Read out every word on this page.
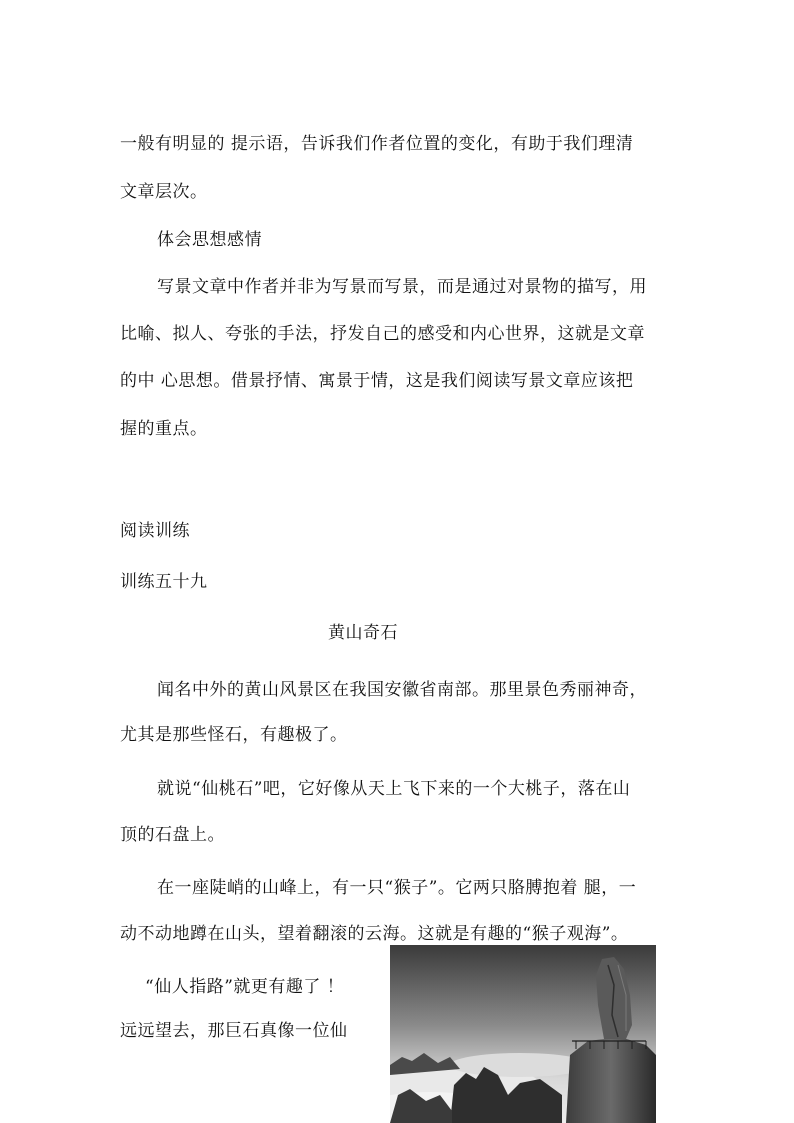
一般有明显的 提示语，告诉我们作者位置的变化，有助于我们理清
文章层次。
体会思想感情
写景文章中作者并非为写景而写景，而是通过对景物的描写，用
比喻、拟人、夸张的手法，抒发自己的感受和内心世界，这就是文章
的中 心思想。借景抒情、寓景于情，这是我们阅读写景文章应该把
握的重点。
阅读训练
训练五十九
黄山奇石
闻名中外的黄山风景区在我国安徽省南部。那里景色秀丽神奇，
尤其是那些怪石，有趣极了。
就说“仙桃石”吧，它好像从天上飞下来的一个大桃子，落在山
顶的石盘上。
在一座陡峭的山峰上，有一只“猴子”。它两只胳膊抱着 腿，一
动不动地蹲在山头，望着翻滚的云海。这就是有趣的“猴子观海”。
“仙人指路”就更有趣了 ！
远远望去，那巨石真像一位仙
